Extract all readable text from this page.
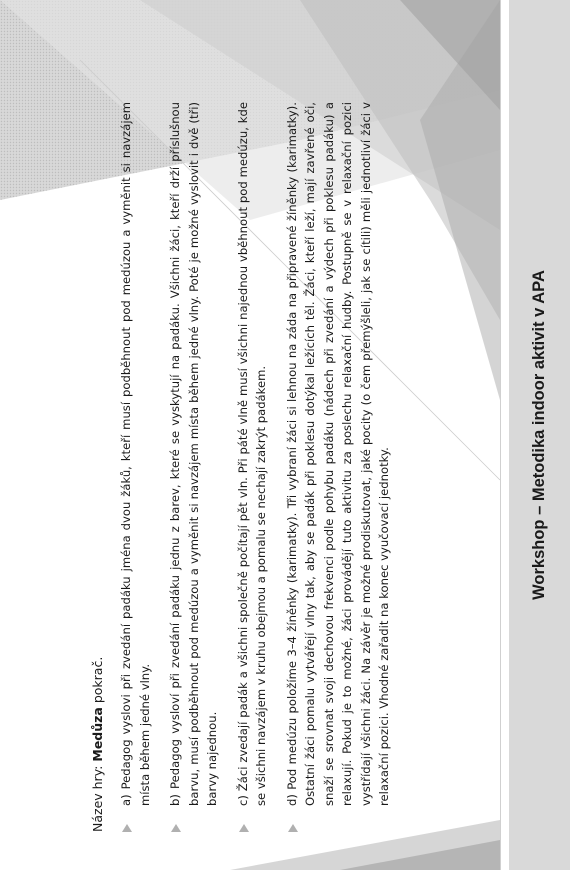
Workshop – Metodika indoor aktivit v APA

Název hry: Medůza pokrač. a) Pedagog vyslovi při zvedání padáku jména dvou žáků, kteří musí podběhnout pod medúzou a vyměnit si navzájem místa během jedné vlny. b) Pedagog vysloví při zvedání padáku jednu z barev, které se vyskytují na padáku. Všichni žáci, kteří drží příslušnou barvu, musí podběhnout pod medúzou a vyměnit si navzájem místa během jedné vlny. Poté je možné vyslovit i dvě (tři) barvy najednou. c) Žáci zvedají padák a všichni společně počítají pět vln. Při páté vlně musí všichni najednou vběhnout pod medúzu, kde se všichni navzájem v kruhu obejmou a pomalu se nechají zakrýt padákem. d) Pod medúzu položíme 3–4 žíněnky (karimatky). Tři vybraní žáci si lehnou na záda na připravené žíněnky (karimatky). Ostatní žáci pomalu vytvářejí vlny tak, aby se padák při poklesu dotýkal ležících těl. Žáci, kteří leží, mají zavřené oči, snaží se srovnat svoji dechovou frekvenci podle pohybu padáku (nádech při zvedání a výdech při poklesu padáku) a relaxují. Pokud je to možné, žáci provádějí tuto aktivitu za poslechu relaxační hudby. Postupně se v relaxační pozici vystřídají všichni žáci. Na závěr je možné prodiskutovat, jaké pocity (o čem přemýšleli, jak se cítili) měli jednotliví žáci v relaxační pozici. Vhodné zařadit na konec vyučovací jednotky.
